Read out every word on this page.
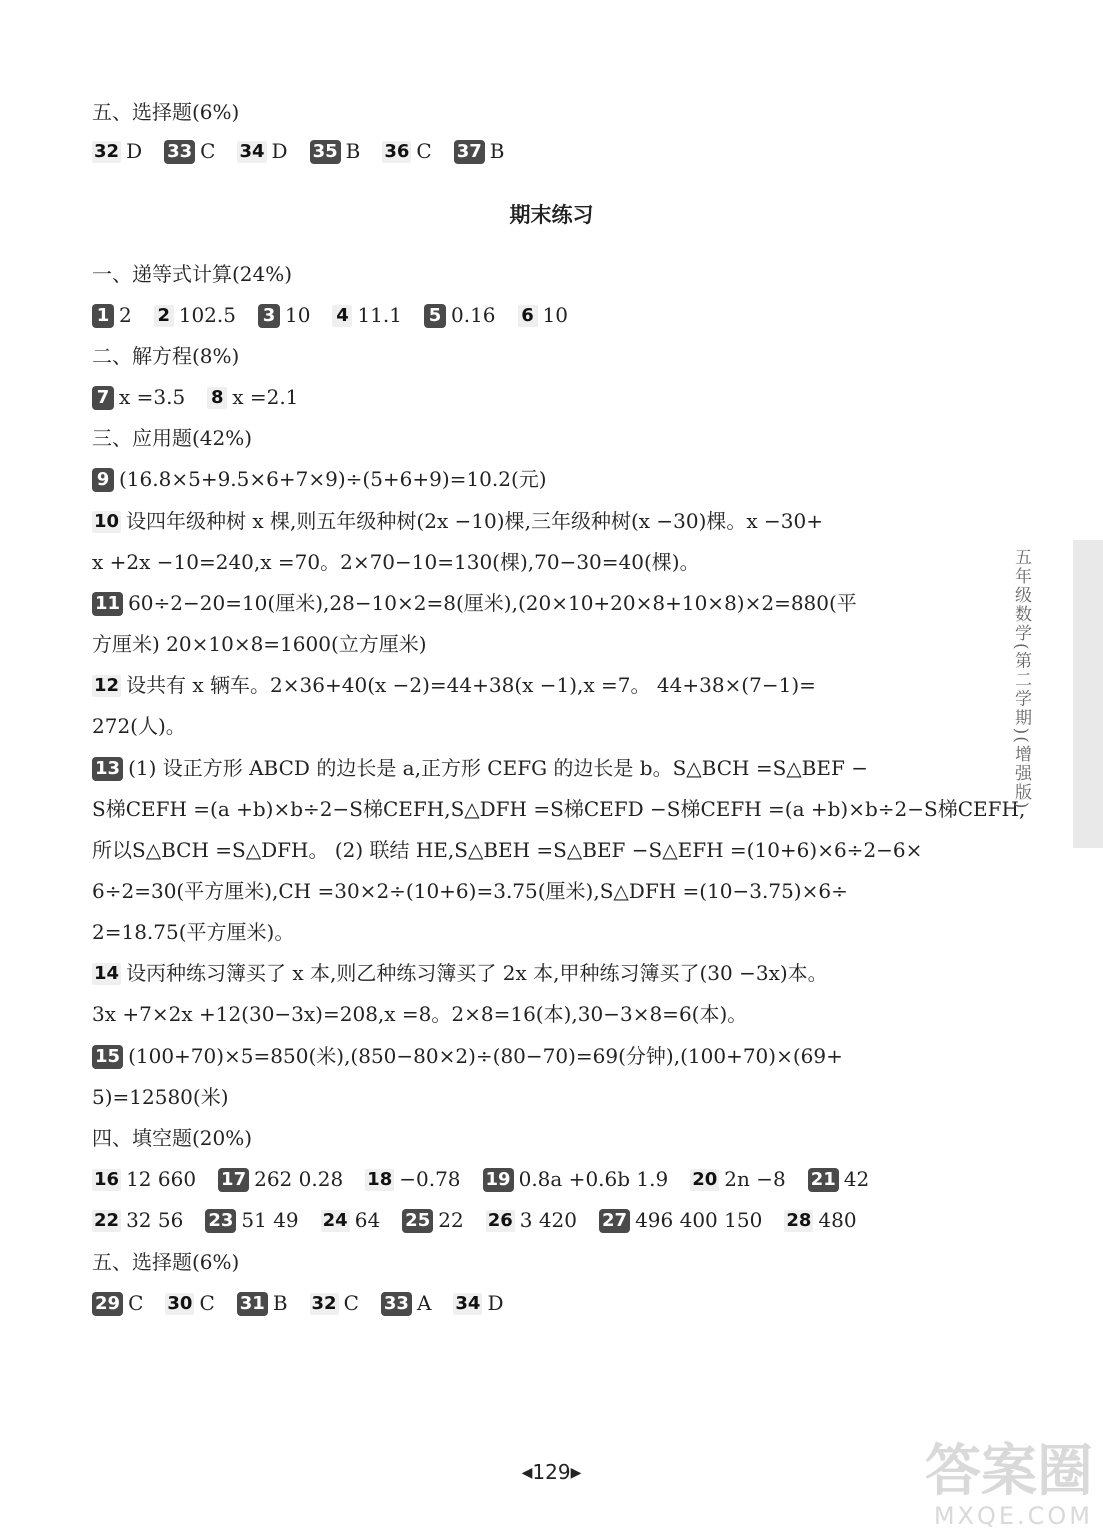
五、选择题(6%)
32 D 33 C 34 D 35 B 36 C 37 B
期末练习
一、递等式计算(24%)
1 2 2 102.5 3 10 4 11.1 5 0.16 6 10
二、解方程(8%)
7 x =3.5 8 x =2.1
三、应用题(42%)
9 (16.8×5+9.5×6+7×9)÷(5+6+9)=10.2(元)
10 设四年级种树 x 棵,则五年级种树(2x −10)棵,三年级种树(x −30)棵。x −30+
x +2x −10=240,x =70。2×70−10=130(棵),70−30=40(棵)。
11 60÷2−20=10(厘米),28−10×2=8(厘米),(20×10+20×8+10×8)×2=880(平
方厘米) 20×10×8=1600(立方厘米)
12 设共有 x 辆车。2×36+40(x −2)=44+38(x −1),x =7。 44+38×(7−1)=
272(人)。
13 (1) 设正方形 ABCD 的边长是 a,正方形 CEFG 的边长是 b。S△BCH =S△BEF −
S梯CEFH =(a +b)×b÷2−S梯CEFH,S△DFH =S梯CEFD −S梯CEFH =(a +b)×b÷2−S梯CEFH,
所以S△BCH =S△DFH。 (2) 联结 HE,S△BEH =S△BEF −S△EFH =(10+6)×6÷2−6×
6÷2=30(平方厘米),CH =30×2÷(10+6)=3.75(厘米),S△DFH =(10−3.75)×6÷
2=18.75(平方厘米)。
14 设丙种练习簿买了 x 本,则乙种练习簿买了 2x 本,甲种练习簿买了(30 −3x)本。
3x +7×2x +12(30−3x)=208,x =8。2×8=16(本),30−3×8=6(本)。
15 (100+70)×5=850(米),(850−80×2)÷(80−70)=69(分钟),(100+70)×(69+
5)=12580(米)
四、填空题(20%)
16 12 660 17 262 0.28 18 −0.78 19 0.8a +0.6b 1.9 20 2n −8 21 42
22 32 56 23 51 49 24 64 25 22 26 3 420 27 496 400 150 28 480
五、选择题(6%)
29 C 30 C 31 B 32 C 33 A 34 D
五年级数学(第二学期)(增强版)
◀129▶	答案圈
MXQE.COM
